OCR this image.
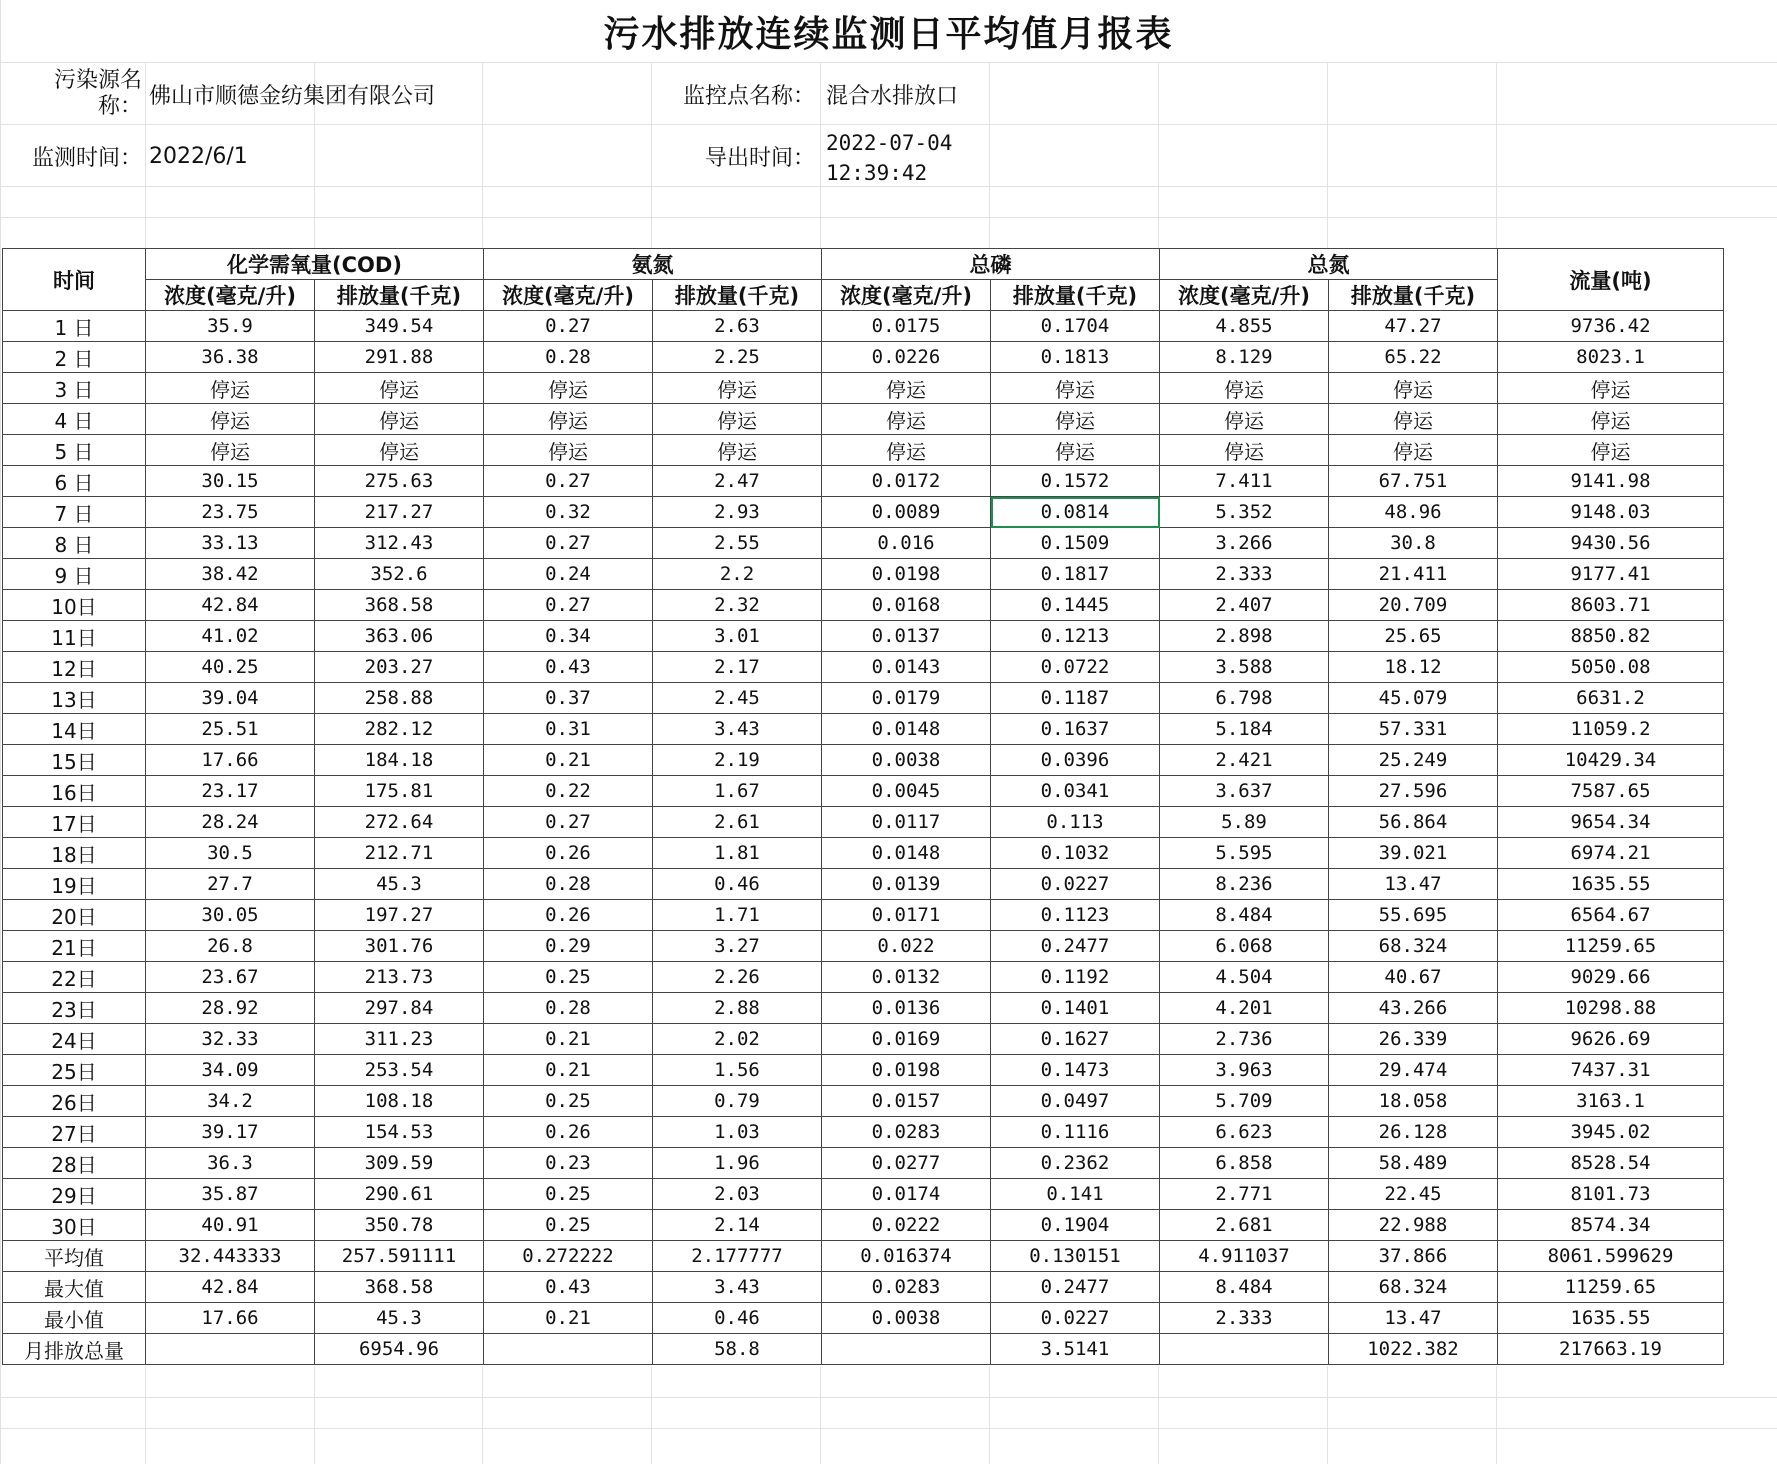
污水排放连续监测日平均值月报表
污染源名称： 佛山市顺德金纺集团有限公司	监控点名称： 混合水排放口
监测时间： 2022/6/1	导出时间：
2022-07-04
12:39:42
时间	化学需氧量(COD)		氨氮		总磷		总氮		流量(吨)
	浓度(毫克/升)	排放量(千克)	浓度(毫克/升)	排放量(千克)	浓度(毫克/升)	排放量(千克)	浓度(毫克/升)	排放量(千克)	
1 日	35.9	349.54	0.27	2.63	0.0175	0.1704	4.855	47.27	9736.42
2 日	36.38	291.88	0.28	2.25	0.0226	0.1813	8.129	65.22	8023.1
3 日	停运	停运	停运	停运	停运	停运	停运	停运	停运
4 日	停运	停运	停运	停运	停运	停运	停运	停运	停运
5 日	停运	停运	停运	停运	停运	停运	停运	停运	停运
6 日	30.15	275.63	0.27	2.47	0.0172	0.1572	7.411	67.751	9141.98
7 日	23.75	217.27	0.32	2.93	0.0089	0.0814	5.352	48.96	9148.03
8 日	33.13	312.43	0.27	2.55	0.016	0.1509	3.266	30.8	9430.56
9 日	38.42	352.6	0.24	2.2	0.0198	0.1817	2.333	21.411	9177.41
10日	42.84	368.58	0.27	2.32	0.0168	0.1445	2.407	20.709	8603.71
11日	41.02	363.06	0.34	3.01	0.0137	0.1213	2.898	25.65	8850.82
12日	40.25	203.27	0.43	2.17	0.0143	0.0722	3.588	18.12	5050.08
13日	39.04	258.88	0.37	2.45	0.0179	0.1187	6.798	45.079	6631.2
14日	25.51	282.12	0.31	3.43	0.0148	0.1637	5.184	57.331	11059.2
15日	17.66	184.18	0.21	2.19	0.0038	0.0396	2.421	25.249	10429.34
16日	23.17	175.81	0.22	1.67	0.0045	0.0341	3.637	27.596	7587.65
17日	28.24	272.64	0.27	2.61	0.0117	0.113	5.89	56.864	9654.34
18日	30.5	212.71	0.26	1.81	0.0148	0.1032	5.595	39.021	6974.21
19日	27.7	45.3	0.28	0.46	0.0139	0.0227	8.236	13.47	1635.55
20日	30.05	197.27	0.26	1.71	0.0171	0.1123	8.484	55.695	6564.67
21日	26.8	301.76	0.29	3.27	0.022	0.2477	6.068	68.324	11259.65
22日	23.67	213.73	0.25	2.26	0.0132	0.1192	4.504	40.67	9029.66
23日	28.92	297.84	0.28	2.88	0.0136	0.1401	4.201	43.266	10298.88
24日	32.33	311.23	0.21	2.02	0.0169	0.1627	2.736	26.339	9626.69
25日	34.09	253.54	0.21	1.56	0.0198	0.1473	3.963	29.474	7437.31
26日	34.2	108.18	0.25	0.79	0.0157	0.0497	5.709	18.058	3163.1
27日	39.17	154.53	0.26	1.03	0.0283	0.1116	6.623	26.128	3945.02
28日	36.3	309.59	0.23	1.96	0.0277	0.2362	6.858	58.489	8528.54
29日	35.87	290.61	0.25	2.03	0.0174	0.141	2.771	22.45	8101.73
30日	40.91	350.78	0.25	2.14	0.0222	0.1904	2.681	22.988	8574.34
平均值	32.443333	257.591111	0.272222	2.177777	0.016374	0.130151	4.911037	37.866	8061.599629
最大值	42.84	368.58	0.43	3.43	0.0283	0.2477	8.484	68.324	11259.65
最小值	17.66	45.3	0.21	0.46	0.0038	0.0227	2.333	13.47	1635.55
月排放总量		6954.96		58.8		3.5141		1022.382	217663.19
